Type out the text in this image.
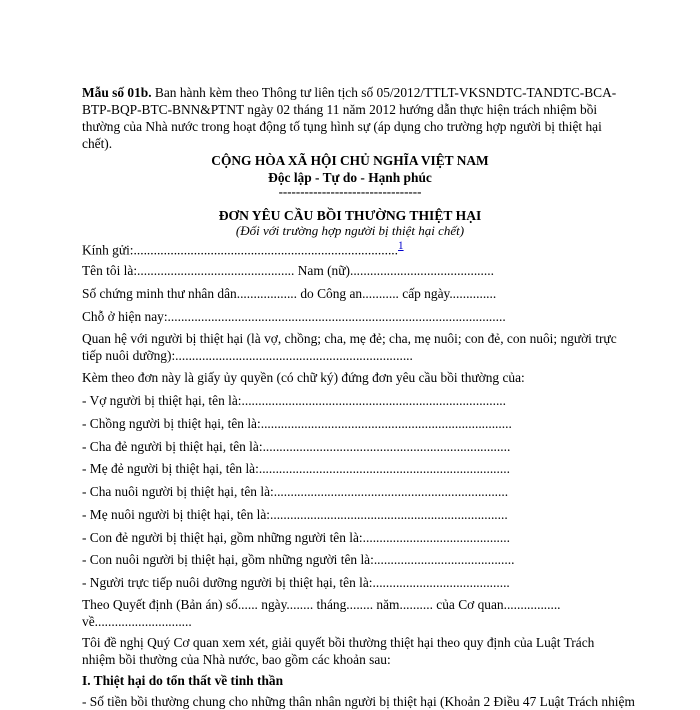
Mẫu số 01b. Ban hành kèm theo Thông tư liên tịch số 05/2012/TTLT-VKSNDTC-TANDTC-BCA-BTP-BQP-BTC-BNN&PTNT ngày 02 tháng 11 năm 2012 hướng dẫn thực hiện trách nhiệm bồi thường của Nhà nước trong hoạt động tố tụng hình sự (áp dụng cho trường hợp người bị thiệt hại chết).
CỘNG HÒA XÃ HỘI CHỦ NGHĨA VIỆT NAM
Độc lập - Tự do - Hạnh phúc
---------------------------------
ĐƠN YÊU CẦU BỒI THƯỜNG THIỆT HẠI
(Đối với trường hợp người bị thiệt hại chết)
Kính gửi:...............................................................................$^1$
Tên tôi là:............................................... Nam (nữ)...........................................
Số chứng minh thư nhân dân.................. do Công an........... cấp ngày..............
Chỗ ở hiện nay:.....................................................................................................
Quan hệ với người bị thiệt hại (là vợ, chồng; cha, mẹ đẻ; cha, mẹ nuôi; con đẻ, con nuôi; người trực tiếp nuôi dưỡng):.......................................................................
Kèm theo đơn này là giấy ủy quyền (có chữ ký) đứng đơn yêu cầu bồi thường của:
- Vợ người bị thiệt hại, tên là:...............................................................................
- Chồng người bị thiệt hại, tên là:...........................................................................
- Cha đẻ người bị thiệt hại, tên là:..........................................................................
- Mẹ đẻ người bị thiệt hại, tên là:...........................................................................
- Cha nuôi người bị thiệt hại, tên là:......................................................................
- Mẹ nuôi người bị thiệt hại, tên là:.......................................................................
- Con đẻ người bị thiệt hại, gồm những người tên là:............................................
- Con nuôi người bị thiệt hại, gồm những người tên là:..........................................
- Người trực tiếp nuôi dưỡng người bị thiệt hại, tên là:.........................................
Theo Quyết định (Bản án) số...... ngày........ tháng........ năm.......... của Cơ quan................. về.............................
Tôi đề nghị Quý Cơ quan xem xét, giải quyết bồi thường thiệt hại theo quy định của Luật Trách nhiệm bồi thường của Nhà nước, bao gồm các khoản sau:
I. Thiệt hại do tổn thất về tinh thần
- Số tiền bồi thường chung cho những thân nhân người bị thiệt hại (Khoản 2 Điều 47 Luật Trách nhiệm
